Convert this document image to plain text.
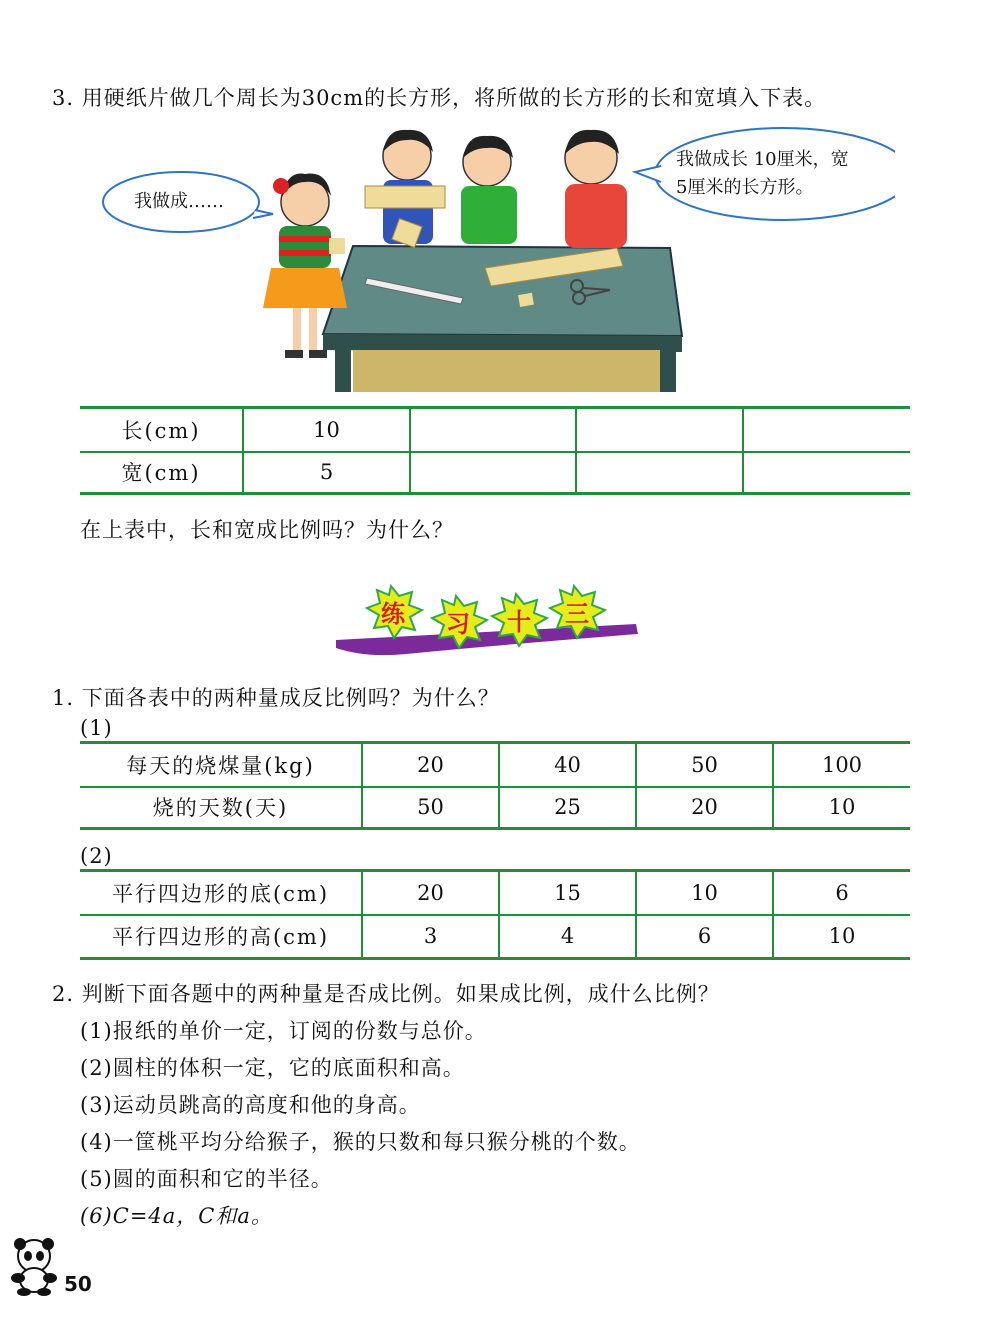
3. 用硬纸片做几个周长为30cm的长方形，将所做的长方形的长和宽填入下表。
我做成……
我做成长 10厘米，宽
5厘米的长方形。
长(cm)	10			
宽(cm)	5			
在上表中，长和宽成比例吗？为什么？
练 习 十 三
1. 下面各表中的两种量成反比例吗？为什么？
(1)
每天的烧煤量(kg)	20	40	50	100
烧的天数(天)	50	25	20	10
(2)
平行四边形的底(cm)	20	15	10	6
平行四边形的高(cm)	3	4	6	10
2. 判断下面各题中的两种量是否成比例。如果成比例，成什么比例？
(1)报纸的单价一定，订阅的份数与总价。
(2)圆柱的体积一定，它的底面积和高。
(3)运动员跳高的高度和他的身高。
(4)一筐桃平均分给猴子，猴的只数和每只猴分桃的个数。
(5)圆的面积和它的半径。
(6)C=4a，C和a。
50
